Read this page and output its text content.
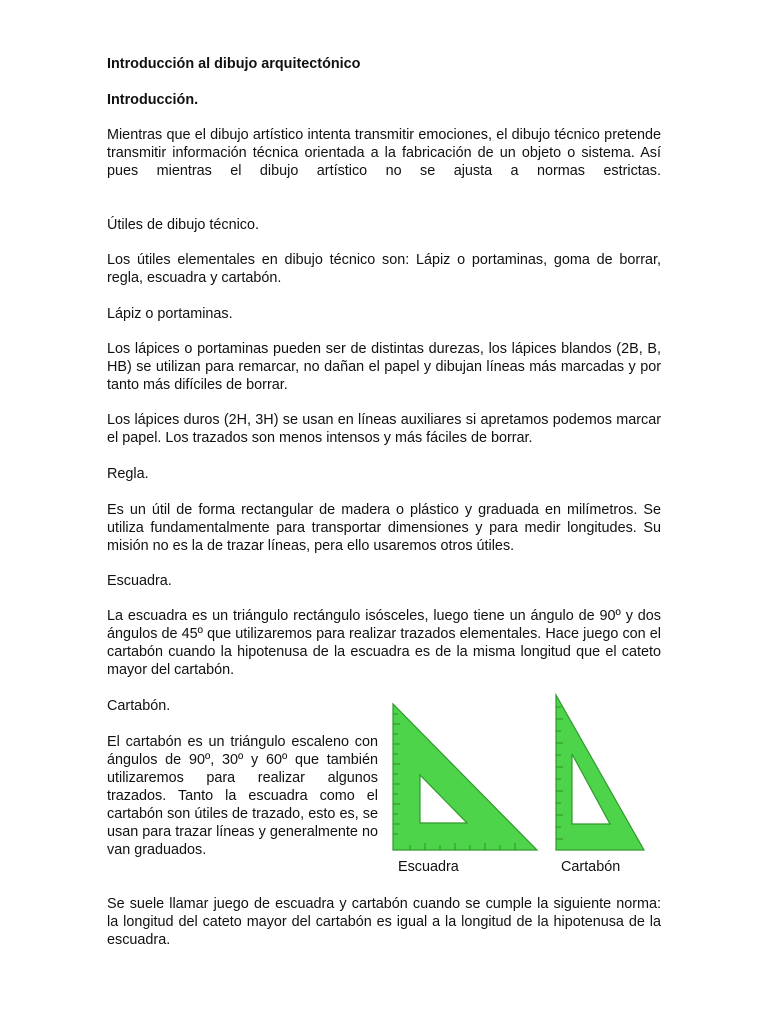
Introducción al dibujo arquitectónico

Introducción.

Mientras que el dibujo artístico intenta transmitir emociones, el dibujo técnico pretende transmitir información técnica orientada a la fabricación de un objeto o sistema. Así pues mientras el dibujo artístico no se ajusta a normas estrictas.

Útiles de dibujo técnico.

Los útiles elementales en dibujo técnico son: Lápiz o portaminas, goma de borrar, regla, escuadra y cartabón.

Lápiz o portaminas.

Los lápices o portaminas pueden ser de distintas durezas, los lápices blandos (2B, B, HB) se utilizan para remarcar, no dañan el papel y dibujan líneas más marcadas y por tanto más difíciles de borrar.

Los lápices duros (2H, 3H) se usan en líneas auxiliares si apretamos podemos marcar el papel. Los trazados son menos intensos y más fáciles de borrar.

Regla.

Es un útil de forma rectangular de madera o plástico y graduada en milímetros. Se utiliza fundamentalmente para transportar dimensiones y para medir longitudes. Su misión no es la de trazar líneas, pera ello usaremos otros útiles.

Escuadra.

La escuadra es un triángulo rectángulo isósceles, luego tiene un ángulo de 90º y dos ángulos de 45º que utilizaremos para realizar trazados elementales. Hace juego con el cartabón cuando la hipotenusa de la escuadra es de la misma longitud que el cateto mayor del cartabón.

Cartabón.

El cartabón es un triángulo escaleno con ángulos de 90º, 30º y 60º que también utilizaremos para realizar algunos trazados. Tanto la escuadra como el cartabón son útiles de trazado, esto es, se usan para trazar líneas y generalmente no van graduados.

Escuadra	Cartabón

Se suele llamar juego de escuadra y cartabón cuando se cumple la siguiente norma: la longitud del cateto mayor del cartabón es igual a la longitud de la hipotenusa de la escuadra.
